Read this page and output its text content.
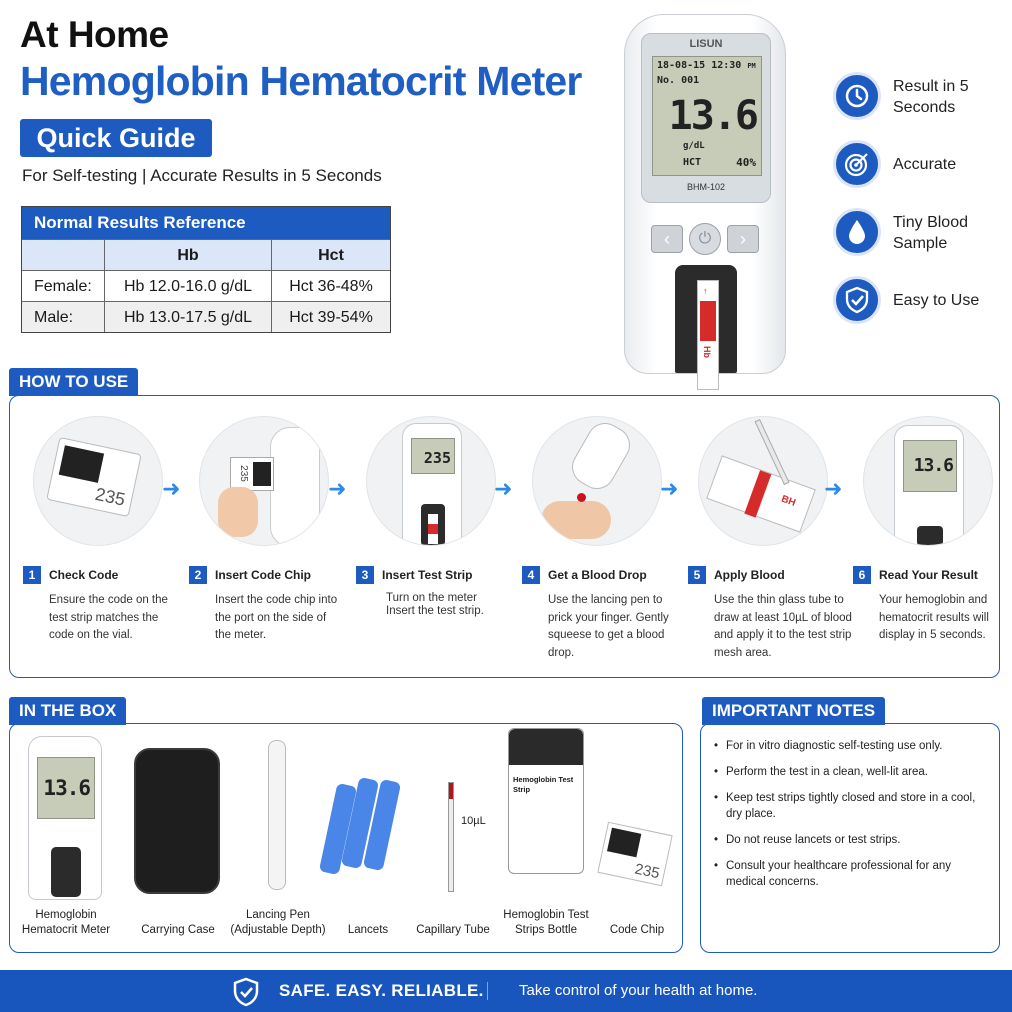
At Home
Hemoglobin Hematocrit Meter
Quick Guide
For Self-testing | Accurate Results in 5 Seconds
Normal Results Reference
Hb	Hct
Female:	Hb 12.0-16.0 g/dL	Hct 36-48%
Male:	Hb 13.0-17.5 g/dL	Hct 39-54%
LISUN
18-08-15 12:30 PM
No. 001
13.6
g/dL
HCT	40%
BHM-102
‹	⏻	›
↑
Hb
Result in 5 Seconds
Accurate
Tiny Blood Sample
Easy to Use
HOW TO USE
235
1	Check Code
Ensure the code on the test strip matches the code on the vial.
➜
235
2	Insert Code Chip
Insert the code chip into the port on the side of the meter.
➜
235
3	Insert Test Strip
Turn on the meter Insert the test strip.
➜
4	Get a Blood Drop
Use the lancing pen to prick your finger. Gently squeese to get a blood drop.
➜
BH
5	Apply Blood
Use the thin glass tube to draw at least 10µL of blood and apply it to the test strip mesh area.
➜
13.6
6	Read Your Result
Your hemoglobin and hematocrit results will display in 5 seconds.
IN THE BOX
13.6
Hemoglobin Hematocrit Meter	Carrying Case
Lancing Pen (Adjustable Depth)	Lancets
10µL
Capillary Tube
Hemoglobin Test Strip
Hemoglobin Test Strips Bottle
235
Code Chip
IMPORTANT NOTES
• For in vitro diagnostic self-testing use only.
• Perform the test in a clean, well-lit area.
• Keep test strips tightly closed and store in a cool, dry place.
• Do not reuse lancets or test strips.
• Consult your healthcare professional for any medical concerns.
SAFE. EASY. RELIABLE. Take control of your health at home.
